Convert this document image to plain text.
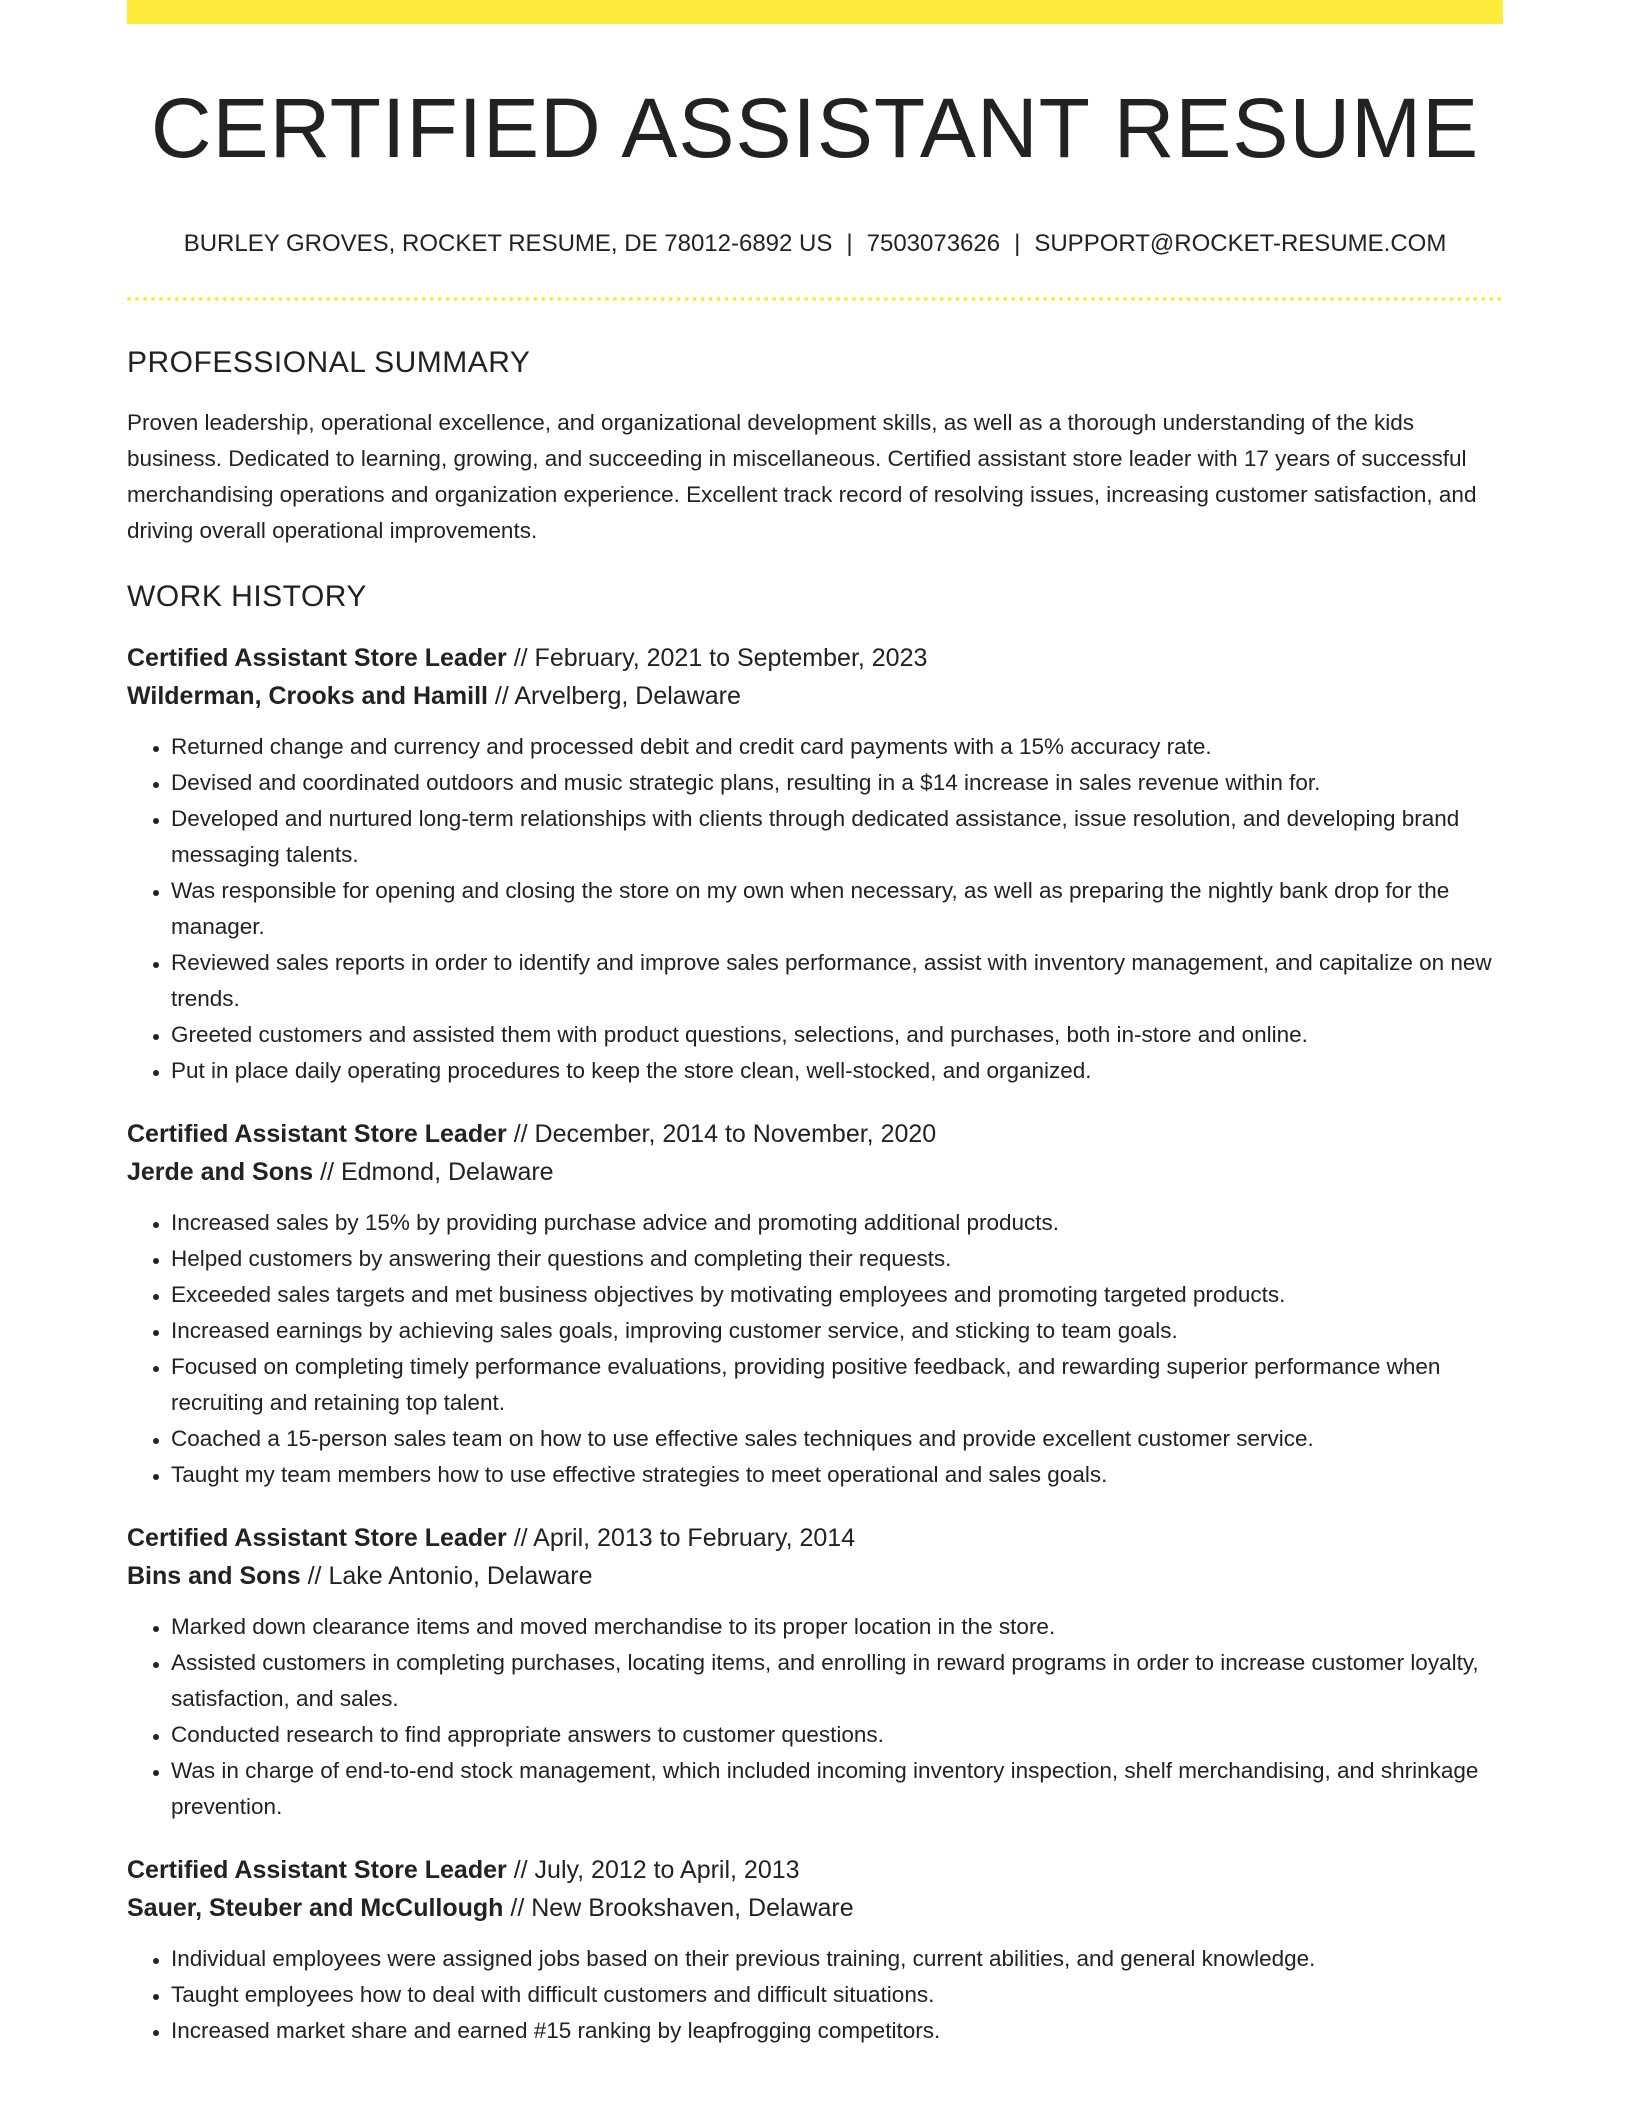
CERTIFIED ASSISTANT RESUME
BURLEY GROVES, ROCKET RESUME, DE 78012-6892 US | 7503073626 | SUPPORT@ROCKET-RESUME.COM
PROFESSIONAL SUMMARY

Proven leadership, operational excellence, and organizational development skills, as well as a thorough understanding of the kids business. Dedicated to learning, growing, and succeeding in miscellaneous. Certified assistant store leader with 17 years of successful merchandising operations and organization experience. Excellent track record of resolving issues, increasing customer satisfaction, and driving overall operational improvements.

WORK HISTORY
Certified Assistant Store Leader // February, 2021 to September, 2023
Wilderman, Crooks and Hamill // Arvelberg, Delaware
• Returned change and currency and processed debit and credit card payments with a 15% accuracy rate.
• Devised and coordinated outdoors and music strategic plans, resulting in a $14 increase in sales revenue within for.
• Developed and nurtured long-term relationships with clients through dedicated assistance, issue resolution, and developing brand messaging talents.
• Was responsible for opening and closing the store on my own when necessary, as well as preparing the nightly bank drop for the manager.
• Reviewed sales reports in order to identify and improve sales performance, assist with inventory management, and capitalize on new trends.
• Greeted customers and assisted them with product questions, selections, and purchases, both in-store and online.
• Put in place daily operating procedures to keep the store clean, well-stocked, and organized.
Certified Assistant Store Leader // December, 2014 to November, 2020
Jerde and Sons // Edmond, Delaware
• Increased sales by 15% by providing purchase advice and promoting additional products.
• Helped customers by answering their questions and completing their requests.
• Exceeded sales targets and met business objectives by motivating employees and promoting targeted products.
• Increased earnings by achieving sales goals, improving customer service, and sticking to team goals.
• Focused on completing timely performance evaluations, providing positive feedback, and rewarding superior performance when recruiting and retaining top talent.
• Coached a 15-person sales team on how to use effective sales techniques and provide excellent customer service.
• Taught my team members how to use effective strategies to meet operational and sales goals.
Certified Assistant Store Leader // April, 2013 to February, 2014
Bins and Sons // Lake Antonio, Delaware
• Marked down clearance items and moved merchandise to its proper location in the store.
• Assisted customers in completing purchases, locating items, and enrolling in reward programs in order to increase customer loyalty, satisfaction, and sales.
• Conducted research to find appropriate answers to customer questions.
• Was in charge of end-to-end stock management, which included incoming inventory inspection, shelf merchandising, and shrinkage prevention.
Certified Assistant Store Leader // July, 2012 to April, 2013
Sauer, Steuber and McCullough // New Brookshaven, Delaware
• Individual employees were assigned jobs based on their previous training, current abilities, and general knowledge.
• Taught employees how to deal with difficult customers and difficult situations.
• Increased market share and earned #15 ranking by leapfrogging competitors.
